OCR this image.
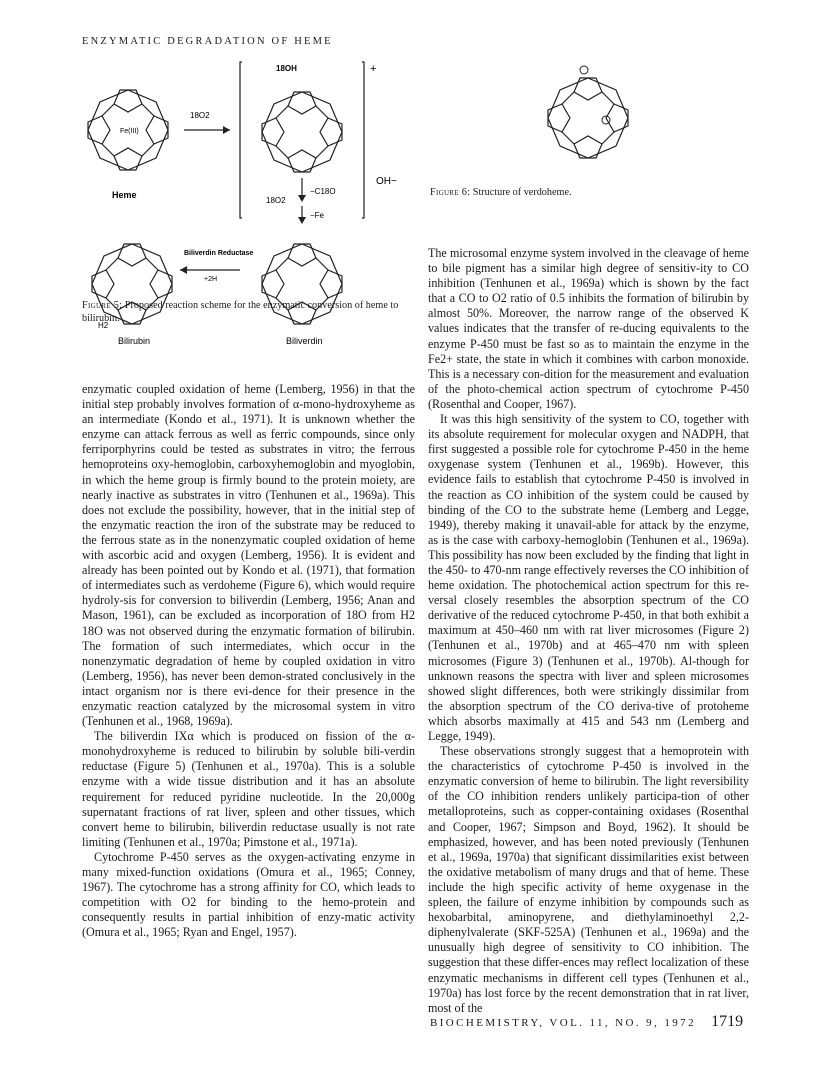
ENZYMATIC DEGRADATION OF HEME
Fe(III)
Heme
18O2
18OH	+
OH−
−C18O
18O2
−Fe
H2
Bilirubin
Biliverdin Reductase
+2H
Biliverdin
Figure 5: Proposed reaction scheme for the enzymatic conversion of heme to bilirubin.
Figure 6: Structure of verdoheme.

enzymatic coupled oxidation of heme (Lemberg, 1956) in that the initial step probably involves formation of α-mono-hydroxyheme as an intermediate (Kondo et al., 1971). It is unknown whether the enzyme can attack ferrous as well as ferric compounds, since only ferriporphyrins could be tested as substrates in vitro; the ferrous hemoproteins oxy-hemoglobin, carboxyhemoglobin and myoglobin, in which the heme group is firmly bound to the protein moiety, are nearly inactive as substrates in vitro (Tenhunen et al., 1969a). This does not exclude the possibility, however, that in the initial step of the enzymatic reaction the iron of the substrate may be reduced to the ferrous state as in the nonenzymatic coupled oxidation of heme with ascorbic acid and oxygen (Lemberg, 1956). It is evident and already has been pointed out by Kondo et al. (1971), that formation of intermediates such as verdoheme (Figure 6), which would require hydroly-sis for conversion to biliverdin (Lemberg, 1956; Anan and Mason, 1961), can be excluded as incorporation of 18O from H2 18O was not observed during the enzymatic formation of bilirubin. The formation of such intermediates, which occur in the nonenzymatic degradation of heme by coupled oxidation in vitro (Lemberg, 1956), has never been demon-strated conclusively in the intact organism nor is there evi-dence for their presence in the enzymatic reaction catalyzed by the microsomal system in vitro (Tenhunen et al., 1968, 1969a).

The biliverdin IXα which is produced on fission of the α-monohydroxyheme is reduced to bilirubin by soluble bili-verdin reductase (Figure 5) (Tenhunen et al., 1970a). This is a soluble enzyme with a wide tissue distribution and it has an absolute requirement for reduced pyridine nucleotide. In the 20,000g supernatant fractions of rat liver, spleen and other tissues, which convert heme to bilirubin, biliverdin reductase usually is not rate limiting (Tenhunen et al., 1970a; Pimstone et al., 1971a).

Cytochrome P-450 serves as the oxygen-activating enzyme in many mixed-function oxidations (Omura et al., 1965; Conney, 1967). The cytochrome has a strong affinity for CO, which leads to competition with O2 for binding to the hemo-protein and consequently results in partial inhibition of enzy-matic activity (Omura et al., 1965; Ryan and Engel, 1957).

The microsomal enzyme system involved in the cleavage of heme to bile pigment has a similar high degree of sensitiv-ity to CO inhibition (Tenhunen et al., 1969a) which is shown by the fact that a CO to O2 ratio of 0.5 inhibits the formation of bilirubin by almost 50%. Moreover, the narrow range of the observed K values indicates that the transfer of re-ducing equivalents to the enzyme P-450 must be fast so as to maintain the enzyme in the Fe2+ state, the state in which it combines with carbon monoxide. This is a necessary con-dition for the measurement and evaluation of the photo-chemical action spectrum of cytochrome P-450 (Rosenthal and Cooper, 1967).

It was this high sensitivity of the system to CO, together with its absolute requirement for molecular oxygen and NADPH, that first suggested a possible role for cytochrome P-450 in the heme oxygenase system (Tenhunen et al., 1969b). However, this evidence fails to establish that cytochrome P-450 is involved in the reaction as CO inhibition of the system could be caused by binding of the CO to the substrate heme (Lemberg and Legge, 1949), thereby making it unavail-able for attack by the enzyme, as is the case with carboxy-hemoglobin (Tenhunen et al., 1969a). This possibility has now been excluded by the finding that light in the 450- to 470-nm range effectively reverses the CO inhibition of heme oxidation. The photochemical action spectrum for this re-versal closely resembles the absorption spectrum of the CO derivative of the reduced cytochrome P-450, in that both exhibit a maximum at 450–460 nm with rat liver microsomes (Figure 2) (Tenhunen et al., 1970b) and at 465–470 nm with spleen microsomes (Figure 3) (Tenhunen et al., 1970b). Al-though for unknown reasons the spectra with liver and spleen microsomes showed slight differences, both were strikingly dissimilar from the absorption spectrum of the CO deriva-tive of protoheme which absorbs maximally at 415 and 543 nm (Lemberg and Legge, 1949).

These observations strongly suggest that a hemoprotein with the characteristics of cytochrome P-450 is involved in the enzymatic conversion of heme to bilirubin. The light reversibility of the CO inhibition renders unlikely participa-tion of other metalloproteins, such as copper-containing oxidases (Rosenthal and Cooper, 1967; Simpson and Boyd, 1962). It should be emphasized, however, and has been noted previously (Tenhunen et al., 1969a, 1970a) that significant dissimilarities exist between the oxidative metabolism of many drugs and that of heme. These include the high specific activity of heme oxygenase in the spleen, the failure of enzyme inhibition by compounds such as hexobarbital, aminopyrene, and diethylaminoethyl 2,2-diphenylvalerate (SKF-525A) (Tenhunen et al., 1969a) and the unusually high degree of sensitivity to CO inhibition. The suggestion that these differ-ences may reflect localization of these enzymatic mechanisms in different cell types (Tenhunen et al., 1970a) has lost force by the recent demonstration that in rat liver, most of the

BIOCHEMISTRY, VOL. 11, NO. 9, 1972 1719
